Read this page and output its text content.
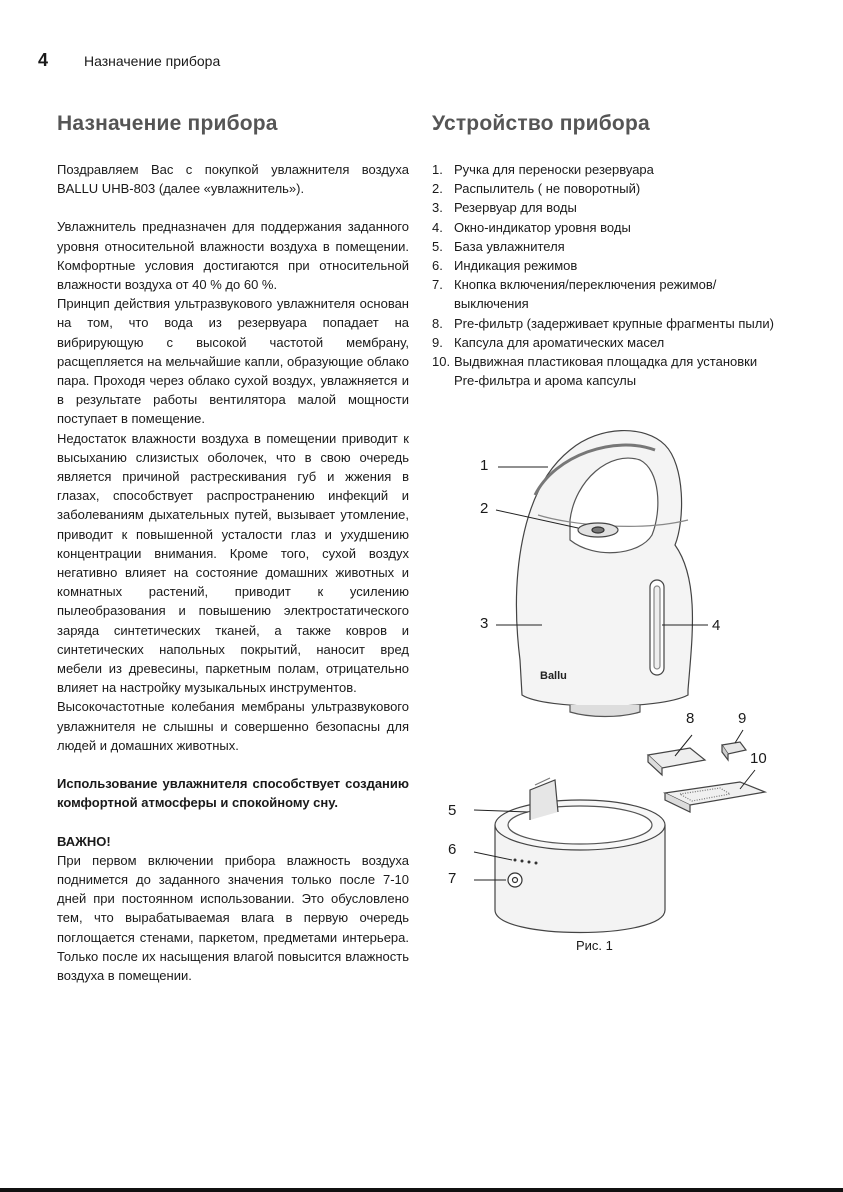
4	Назначение прибора
Назначение прибора

Поздравляем Вас с покупкой увлажнителя воздуха BALLU UHB-803 (далее «увлажнитель»).

Увлажнитель предназначен для поддержания заданного уровня относительной влажности воздуха в помещении. Комфортные условия достигаются при относительной влажности воздуха от 40 % до 60 %.

Принцип действия ультразвукового увлажнителя основан на том, что вода из резервуара попадает на вибрирующую с высокой частотой мембрану, расщепляется на мельчайшие капли, образующие облако пара. Проходя через облако сухой воздух, увлажняется и в результате работы вентилятора малой мощности поступает в помещение.

Недостаток влажности воздуха в помещении приводит к высыханию слизистых оболочек, что в свою очередь является причиной растрескивания губ и жжения в глазах, способствует распространению инфекций и заболеваниям дыхательных путей, вызывает утомление, приводит к повышенной усталости глаз и ухудшению концентрации внимания. Кроме того, сухой воздух негативно влияет на состояние домашних животных и комнатных растений, приводит к усилению пылеобразования и повышению электростатического заряда синтетических тканей, а также ковров и синтетических напольных покрытий, наносит вред мебели из древесины, паркетным полам, отрицательно влияет на настройку музыкальных инструментов.

Высокочастотные колебания мембраны ультразвукового увлажнителя не слышны и совершенно безопасны для людей и домашних животных.

Использование увлажнителя способствует созданию комфортной атмосферы и спокойному сну.

ВАЖНО!

При первом включении прибора влажность воздуха поднимется до заданного значения только после 7-10 дней при постоянном использовании. Это обусловлено тем, что вырабатываемая влага в первую очередь поглощается стенами, паркетом, предметами интерьера. Только после их насыщения влагой повысится влажность воздуха в помещении.

Устройство прибора
1. Ручка для переноски резервуара
2. Распылитель ( не поворотный)
3. Резервуар для воды
4. Окно-индикатор уровня воды
5. База увлажнителя
6. Индикация режимов
7. Кнопка включения/переключения режимов/выключения
8. Pre-фильтр (задерживает крупные фрагменты пыли)
9. Капсула для ароматических масел
10. Выдвижная пластиковая площадка для установки Pre-фильтра и арома капсулы
1
2
3	4
5
6
7
8	9
10
Ballu
Рис. 1
